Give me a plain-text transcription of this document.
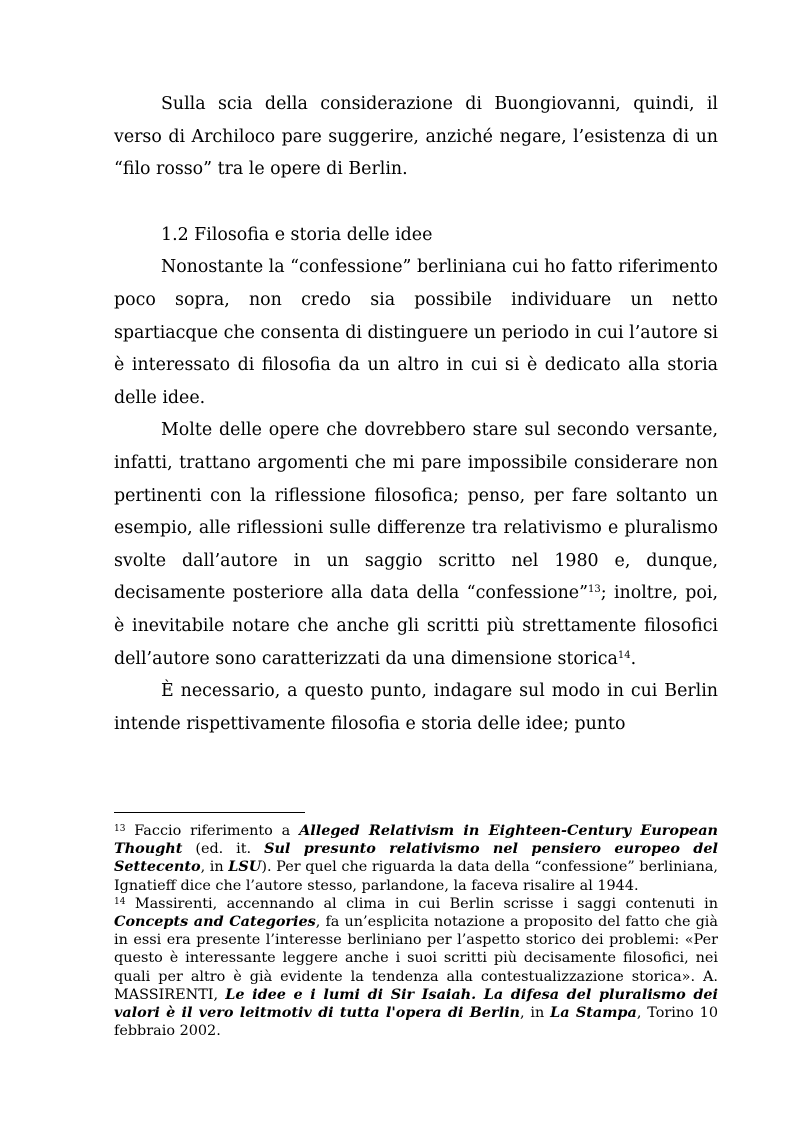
Sulla scia della considerazione di Buongiovanni, quindi, il verso di Archiloco pare suggerire, anziché negare, l’esistenza di un “filo rosso” tra le opere di Berlin.

1.2 Filosofia e storia delle idee

Nonostante la “confessione” berliniana cui ho fatto riferimento poco sopra, non credo sia possibile individuare un netto spartiacque che consenta di distinguere un periodo in cui l’autore si è interessato di filosofia da un altro in cui si è dedicato alla storia delle idee.

Molte delle opere che dovrebbero stare sul secondo versante, infatti, trattano argomenti che mi pare impossibile considerare non pertinenti con la riflessione filosofica; penso, per fare soltanto un esempio, alle riflessioni sulle differenze tra relativismo e pluralismo svolte dall’autore in un saggio scritto nel 1980 e, dunque, decisamente posteriore alla data della “confessione”$^{13}$; inoltre, poi, è inevitabile notare che anche gli scritti più strettamente filosofici dell’autore sono caratterizzati da una dimensione storica$^{14}$.

È necessario, a questo punto, indagare sul modo in cui Berlin intende rispettivamente filosofia e storia delle idee; punto

$^{13}$ Faccio riferimento a Alleged Relativism in Eighteen-Century European Thought (ed. it. Sul presunto relativismo nel pensiero europeo del Settecento, in LSU). Per quel che riguarda la data della “confessione” berliniana, Ignatieff dice che l’autore stesso, parlandone, la faceva risalire al 1944.

$^{14}$ Massirenti, accennando al clima in cui Berlin scrisse i saggi contenuti in Concepts and Categories, fa un’esplicita notazione a proposito del fatto che già in essi era presente l’interesse berliniano per l’aspetto storico dei problemi: «Per questo è interessante leggere anche i suoi scritti più decisamente filosofici, nei quali per altro è già evidente la tendenza alla contestualizzazione storica». A. MASSIRENTI, Le idee e i lumi di Sir Isaiah. La difesa del pluralismo dei valori è il vero leitmotiv di tutta l'opera di Berlin, in La Stampa, Torino 10 febbraio 2002.
